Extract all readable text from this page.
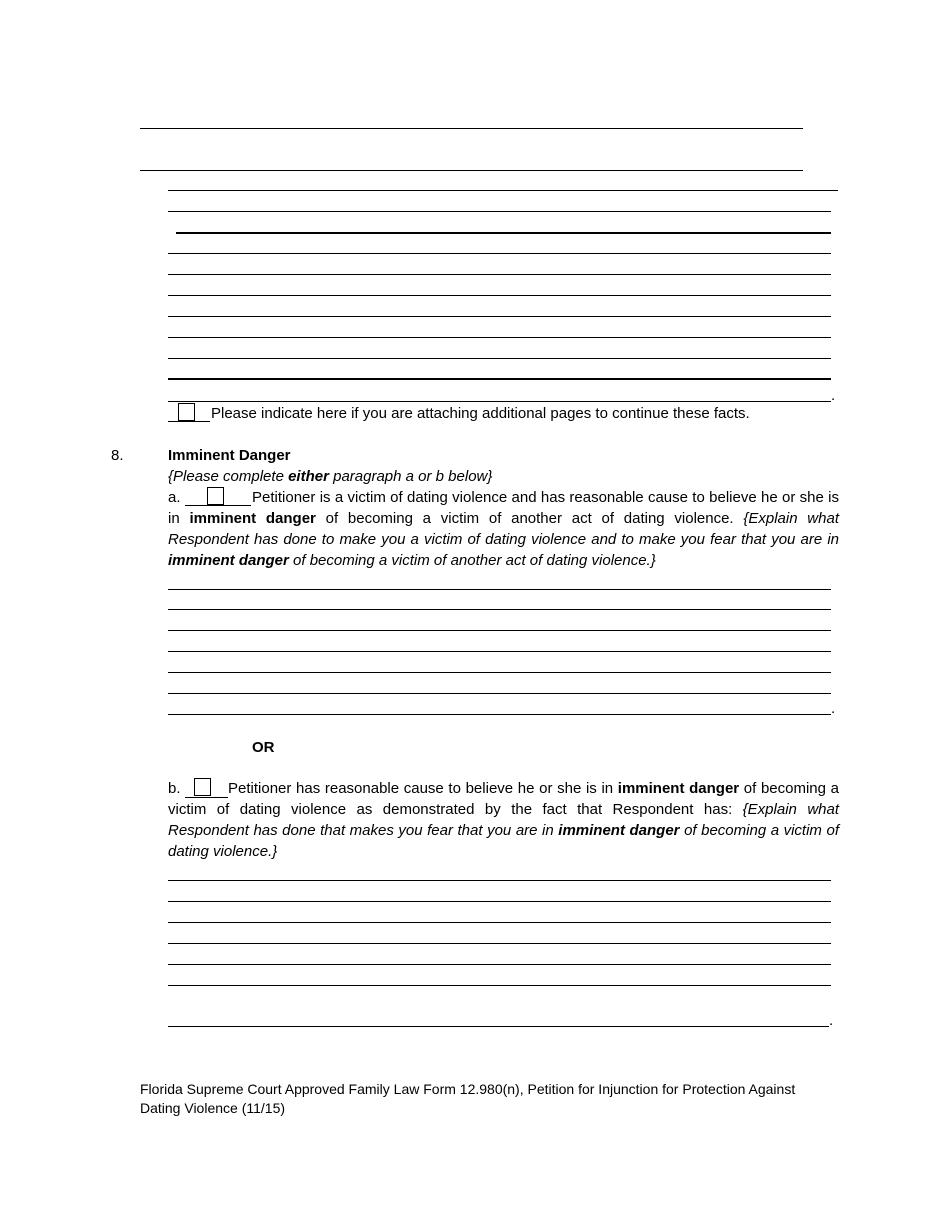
.
Please indicate here if you are attaching additional pages to continue these facts.
8.	Imminent Danger
{Please complete either paragraph a or b below}
Petitioner is a victim of dating violence and has reasonable cause to believe he or she is in imminent danger of becoming a victim of another act of dating violence. {Explain what Respondent has done to make you a victim of dating violence and to make you fear that you are in imminent danger of becoming a victim of another act of dating violence.}
a.
.
OR
Petitioner has reasonable cause to believe he or she is in imminent danger of becoming a victim of dating violence as demonstrated by the fact that Respondent has: {Explain what Respondent has done that makes you fear that you are in imminent danger of becoming a victim of dating violence.}
b.
.
Florida Supreme Court Approved Family Law Form 12.980(n), Petition for Injunction for Protection Against
Dating Violence (11/15)
